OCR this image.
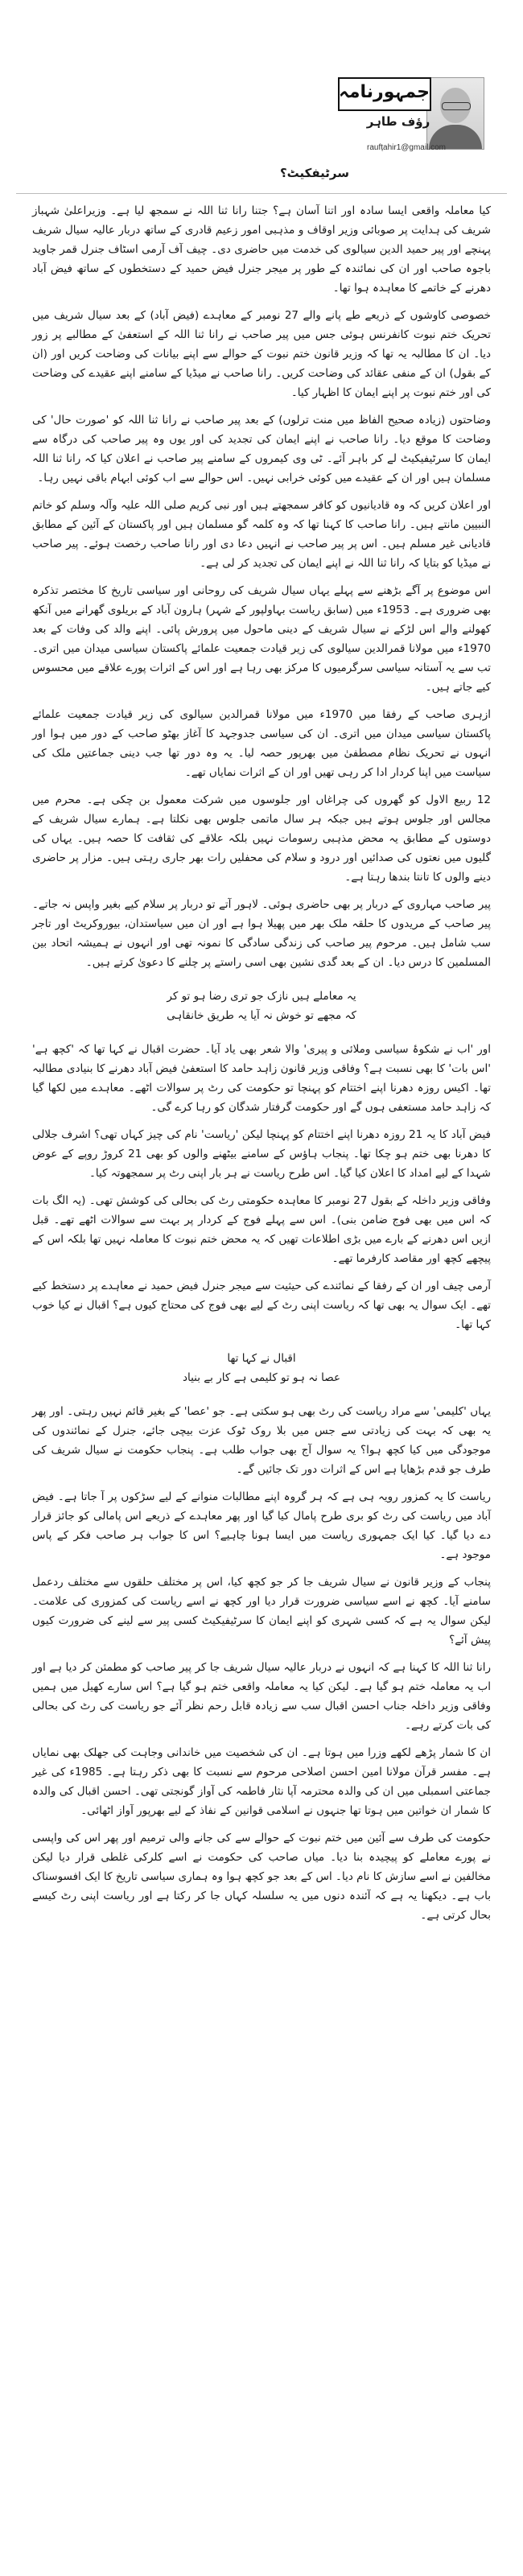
جمہورنامہ
رؤف طاہر
raufțahir1@gmail.com
سرٹیفکیٹ؟

کیا معاملہ واقعی ایسا سادہ اور اتنا آسان ہے؟ جتنا رانا ثنا اللہ نے سمجھ لیا ہے۔ وزیراعلیٰ شہباز شریف کی ہدایت پر صوبائی وزیر اوقاف و مذہبی امور زعیم قادری کے ساتھ دربار عالیہ سیال شریف پہنچے اور پیر حمید الدین سیالوی کی خدمت میں حاضری دی۔ چیف آف آرمی اسٹاف جنرل قمر جاوید باجوہ صاحب اور ان کی نمائندہ کے طور پر میجر جنرل فیض حمید کے دستخطوں کے ساتھ فیض آباد دھرنے کے خاتمے کا معاہدہ ہوا تھا۔

خصوصی کاوشوں کے ذریعے طے پانے والے 27 نومبر کے معاہدے (فیض آباد) کے بعد سیال شریف میں تحریک ختم نبوت کانفرنس ہوئی جس میں پیر صاحب نے رانا ثنا اللہ کے استعفیٰ کے مطالبے پر زور دیا۔ ان کا مطالبہ یہ تھا کہ وزیر قانون ختم نبوت کے حوالے سے اپنے بیانات کی وضاحت کریں اور (ان کے بقول) ان کے منفی عقائد کی وضاحت کریں۔ رانا صاحب نے میڈیا کے سامنے اپنے عقیدے کی وضاحت کی اور ختم نبوت پر اپنے ایمان کا اظہار کیا۔

وضاحتوں (زیادہ صحیح الفاظ میں منت ترلوں) کے بعد پیر صاحب نے رانا ثنا اللہ کو 'صورت حال' کی وضاحت کا موقع دیا۔ رانا صاحب نے اپنے ایمان کی تجدید کی اور یوں وہ پیر صاحب کی درگاہ سے ایمان کا سرٹیفیکیٹ لے کر باہر آئے۔ ٹی وی کیمروں کے سامنے پیر صاحب نے اعلان کیا کہ رانا ثنا اللہ مسلمان ہیں اور ان کے عقیدے میں کوئی خرابی نہیں۔ اس حوالے سے اب کوئی ابہام باقی نہیں رہا۔

اور اعلان کریں کہ وہ قادیانیوں کو کافر سمجھتے ہیں اور نبی کریم صلی اللہ علیہ وآلہ وسلم کو خاتم النبیین مانتے ہیں۔ رانا صاحب کا کہنا تھا کہ وہ کلمہ گو مسلمان ہیں اور پاکستان کے آئین کے مطابق قادیانی غیر مسلم ہیں۔ اس پر پیر صاحب نے انہیں دعا دی اور رانا صاحب رخصت ہوئے۔ پیر صاحب نے میڈیا کو بتایا کہ رانا ثنا اللہ نے اپنے ایمان کی تجدید کر لی ہے۔

اس موضوع پر آگے بڑھنے سے پہلے یہاں سیال شریف کی روحانی اور سیاسی تاریخ کا مختصر تذکرہ بھی ضروری ہے۔ 1953ء میں (سابق ریاست بہاولپور کے شہر) ہارون آباد کے بریلوی گھرانے میں آنکھ کھولنے والے اس لڑکے نے سیال شریف کے دینی ماحول میں پرورش پائی۔ اپنے والد کی وفات کے بعد 1970ء میں مولانا قمرالدین سیالوی کی زیر قیادت جمعیت علمائے پاکستان سیاسی میدان میں اتری۔ تب سے یہ آستانہ سیاسی سرگرمیوں کا مرکز بھی رہا ہے اور اس کے اثرات پورے علاقے میں محسوس کیے جاتے ہیں۔

ازہری صاحب کے رفقا میں 1970ء میں مولانا قمرالدین سیالوی کی زیر قیادت جمعیت علمائے پاکستان سیاسی میدان میں اتری۔ ان کی سیاسی جدوجہد کا آغاز بھٹو صاحب کے دور میں ہوا اور انہوں نے تحریک نظام مصطفیٰ میں بھرپور حصہ لیا۔ یہ وہ دور تھا جب دینی جماعتیں ملک کی سیاست میں اپنا کردار ادا کر رہی تھیں اور ان کے اثرات نمایاں تھے۔

12 ربیع الاول کو گھروں کی چراغاں اور جلوسوں میں شرکت معمول بن چکی ہے۔ محرم میں مجالس اور جلوس ہوتے ہیں جبکہ ہر سال ماتمی جلوس بھی نکلتا ہے۔ ہمارے سیال شریف کے دوستوں کے مطابق یہ محض مذہبی رسومات نہیں بلکہ علاقے کی ثقافت کا حصہ ہیں۔ یہاں کی گلیوں میں نعتوں کی صدائیں اور درود و سلام کی محفلیں رات بھر جاری رہتی ہیں۔ مزار پر حاضری دینے والوں کا تانتا بندھا رہتا ہے۔

پیر صاحب مہاروی کے دربار پر بھی حاضری ہوئی۔ لاہور آتے تو دربار پر سلام کیے بغیر واپس نہ جاتے۔ پیر صاحب کے مریدوں کا حلقہ ملک بھر میں پھیلا ہوا ہے اور ان میں سیاستدان، بیوروکریٹ اور تاجر سب شامل ہیں۔ مرحوم پیر صاحب کی زندگی سادگی کا نمونہ تھی اور انہوں نے ہمیشہ اتحاد بین المسلمین کا درس دیا۔ ان کے بعد گدی نشین بھی اسی راستے پر چلنے کا دعویٰ کرتے ہیں۔

یہ معاملے ہیں نازک جو تری رضا ہو تو کر
کہ مجھے تو خوش نہ آیا یہ طریق خانقاہی

اور 'اب نے شکوۂ سیاسی وملائی و پیری' والا شعر بھی یاد آیا۔ حضرت اقبال نے کہا تھا کہ 'کچھ ہے' 'اس بات' کا بھی نسبت ہے؟ وفاقی وزیر قانون زاہد حامد کا استعفیٰ فیض آباد دھرنے کا بنیادی مطالبہ تھا۔ اکیس روزہ دھرنا اپنے اختتام کو پہنچا تو حکومت کی رٹ پر سوالات اٹھے۔ معاہدے میں لکھا گیا کہ زاہد حامد مستعفی ہوں گے اور حکومت گرفتار شدگان کو رہا کرے گی۔

فیض آباد کا یہ 21 روزہ دھرنا اپنے اختتام کو پہنچا لیکن 'ریاست' نام کی چیز کہاں تھی؟ اشرف جلالی کا دھرنا بھی ختم ہو چکا تھا۔ پنجاب ہاؤس کے سامنے بیٹھنے والوں کو بھی 21 کروڑ روپے کے عوض شہدا کے لیے امداد کا اعلان کیا گیا۔ اس طرح ریاست نے ہر بار اپنی رٹ پر سمجھوتہ کیا۔

وفاقی وزیر داخلہ کے بقول 27 نومبر کا معاہدہ حکومتی رٹ کی بحالی کی کوشش تھی۔ (یہ الگ بات کہ اس میں بھی فوج ضامن بنی)۔ اس سے پہلے فوج کے کردار پر بہت سے سوالات اٹھے تھے۔ قبل ازیں اس دھرنے کے بارے میں بڑی اطلاعات تھیں کہ یہ محض ختم نبوت کا معاملہ نہیں تھا بلکہ اس کے پیچھے کچھ اور مقاصد کارفرما تھے۔

آرمی چیف اور ان کے رفقا کے نمائندے کی حیثیت سے میجر جنرل فیض حمید نے معاہدے پر دستخط کیے تھے۔ ایک سوال یہ بھی تھا کہ ریاست اپنی رٹ کے لیے بھی فوج کی محتاج کیوں ہے؟ اقبال نے کیا خوب کہا تھا۔

اقبال نے کہا تھا
عصا نہ ہو تو کلیمی ہے کار بے بنیاد

یہاں 'کلیمی' سے مراد ریاست کی رٹ بھی ہو سکتی ہے۔ جو 'عصا' کے بغیر قائم نہیں رہتی۔ اور پھر یہ بھی کہ بہت کی زیادتی سے جس میں بلا روک ٹوک عزت بیچی جائے، جنرل کے نمائندوں کی موجودگی میں کیا کچھ ہوا؟ یہ سوال آج بھی جواب طلب ہے۔ پنجاب حکومت نے سیال شریف کی طرف جو قدم بڑھایا ہے اس کے اثرات دور تک جائیں گے۔

ریاست کا یہ کمزور رویہ ہی ہے کہ ہر گروہ اپنے مطالبات منوانے کے لیے سڑکوں پر آ جاتا ہے۔ فیض آباد میں ریاست کی رٹ کو بری طرح پامال کیا گیا اور پھر معاہدے کے ذریعے اس پامالی کو جائز قرار دے دیا گیا۔ کیا ایک جمہوری ریاست میں ایسا ہونا چاہیے؟ اس کا جواب ہر صاحب فکر کے پاس موجود ہے۔

پنجاب کے وزیر قانون نے سیال شریف جا کر جو کچھ کیا، اس پر مختلف حلقوں سے مختلف ردعمل سامنے آیا۔ کچھ نے اسے سیاسی ضرورت قرار دیا اور کچھ نے اسے ریاست کی کمزوری کی علامت۔ لیکن سوال یہ ہے کہ کسی شہری کو اپنے ایمان کا سرٹیفیکیٹ کسی پیر سے لینے کی ضرورت کیوں پیش آئے؟

رانا ثنا اللہ کا کہنا ہے کہ انہوں نے دربار عالیہ سیال شریف جا کر پیر صاحب کو مطمئن کر دیا ہے اور اب یہ معاملہ ختم ہو گیا ہے۔ لیکن کیا یہ معاملہ واقعی ختم ہو گیا ہے؟ اس سارے کھیل میں ہمیں وفاقی وزیر داخلہ جناب احسن اقبال سب سے زیادہ قابل رحم نظر آئے جو ریاست کی رٹ کی بحالی کی بات کرتے رہے۔

ان کا شمار پڑھے لکھے وزرا میں ہوتا ہے۔ ان کی شخصیت میں خاندانی وجاہت کی جھلک بھی نمایاں ہے۔ مفسر قرآن مولانا امین احسن اصلاحی مرحوم سے نسبت کا بھی ذکر رہتا ہے۔ 1985ء کی غیر جماعتی اسمبلی میں ان کی والدہ محترمہ آپا نثار فاطمہ کی آواز گونجتی تھی۔ احسن اقبال کی والدہ کا شمار ان خواتین میں ہوتا تھا جنہوں نے اسلامی قوانین کے نفاذ کے لیے بھرپور آواز اٹھائی۔

حکومت کی طرف سے آئین میں ختم نبوت کے حوالے سے کی جانے والی ترمیم اور پھر اس کی واپسی نے پورے معاملے کو پیچیدہ بنا دیا۔ میاں صاحب کی حکومت نے اسے کلرکی غلطی قرار دیا لیکن مخالفین نے اسے سازش کا نام دیا۔ اس کے بعد جو کچھ ہوا وہ ہماری سیاسی تاریخ کا ایک افسوسناک باب ہے۔ دیکھنا یہ ہے کہ آئندہ دنوں میں یہ سلسلہ کہاں جا کر رکتا ہے اور ریاست اپنی رٹ کیسے بحال کرتی ہے۔
